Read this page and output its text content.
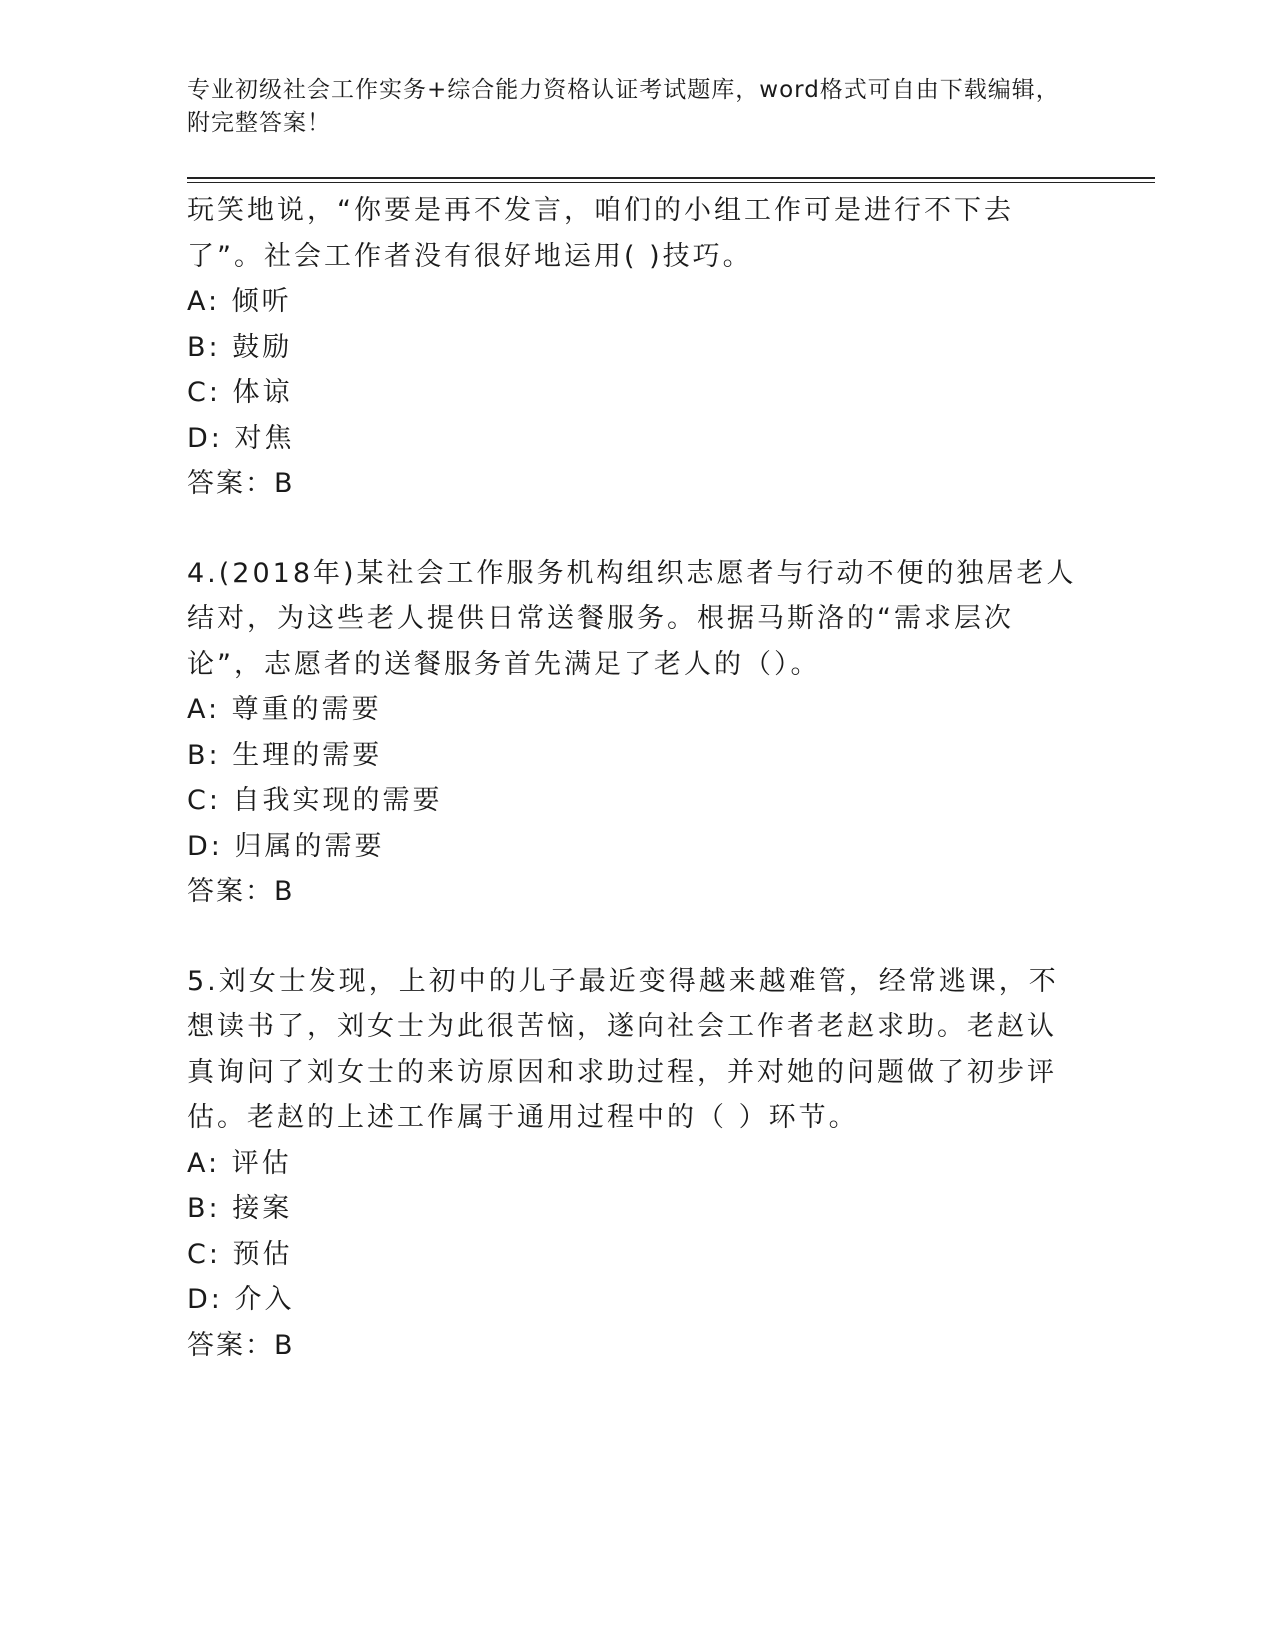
专业初级社会工作实务+综合能力资格认证考试题库，word格式可自由下载编辑，附完整答案！

玩笑地说，“你要是再不发言，咱们的小组工作可是进行不下去了”。社会工作者没有很好地运用( )技巧。

A: 倾听

B: 鼓励

C: 体谅

D: 对焦

答案：B

4.(2018年)某社会工作服务机构组织志愿者与行动不便的独居老人结对，为这些老人提供日常送餐服务。根据马斯洛的“需求层次论”，志愿者的送餐服务首先满足了老人的（）。

A: 尊重的需要

B: 生理的需要

C: 自我实现的需要

D: 归属的需要

答案：B

5.刘女士发现，上初中的儿子最近变得越来越难管，经常逃课，不想读书了，刘女士为此很苦恼，遂向社会工作者老赵求助。老赵认真询问了刘女士的来访原因和求助过程，并对她的问题做了初步评估。老赵的上述工作属于通用过程中的（ ）环节。

A: 评估

B: 接案

C: 预估

D: 介入

答案：B
